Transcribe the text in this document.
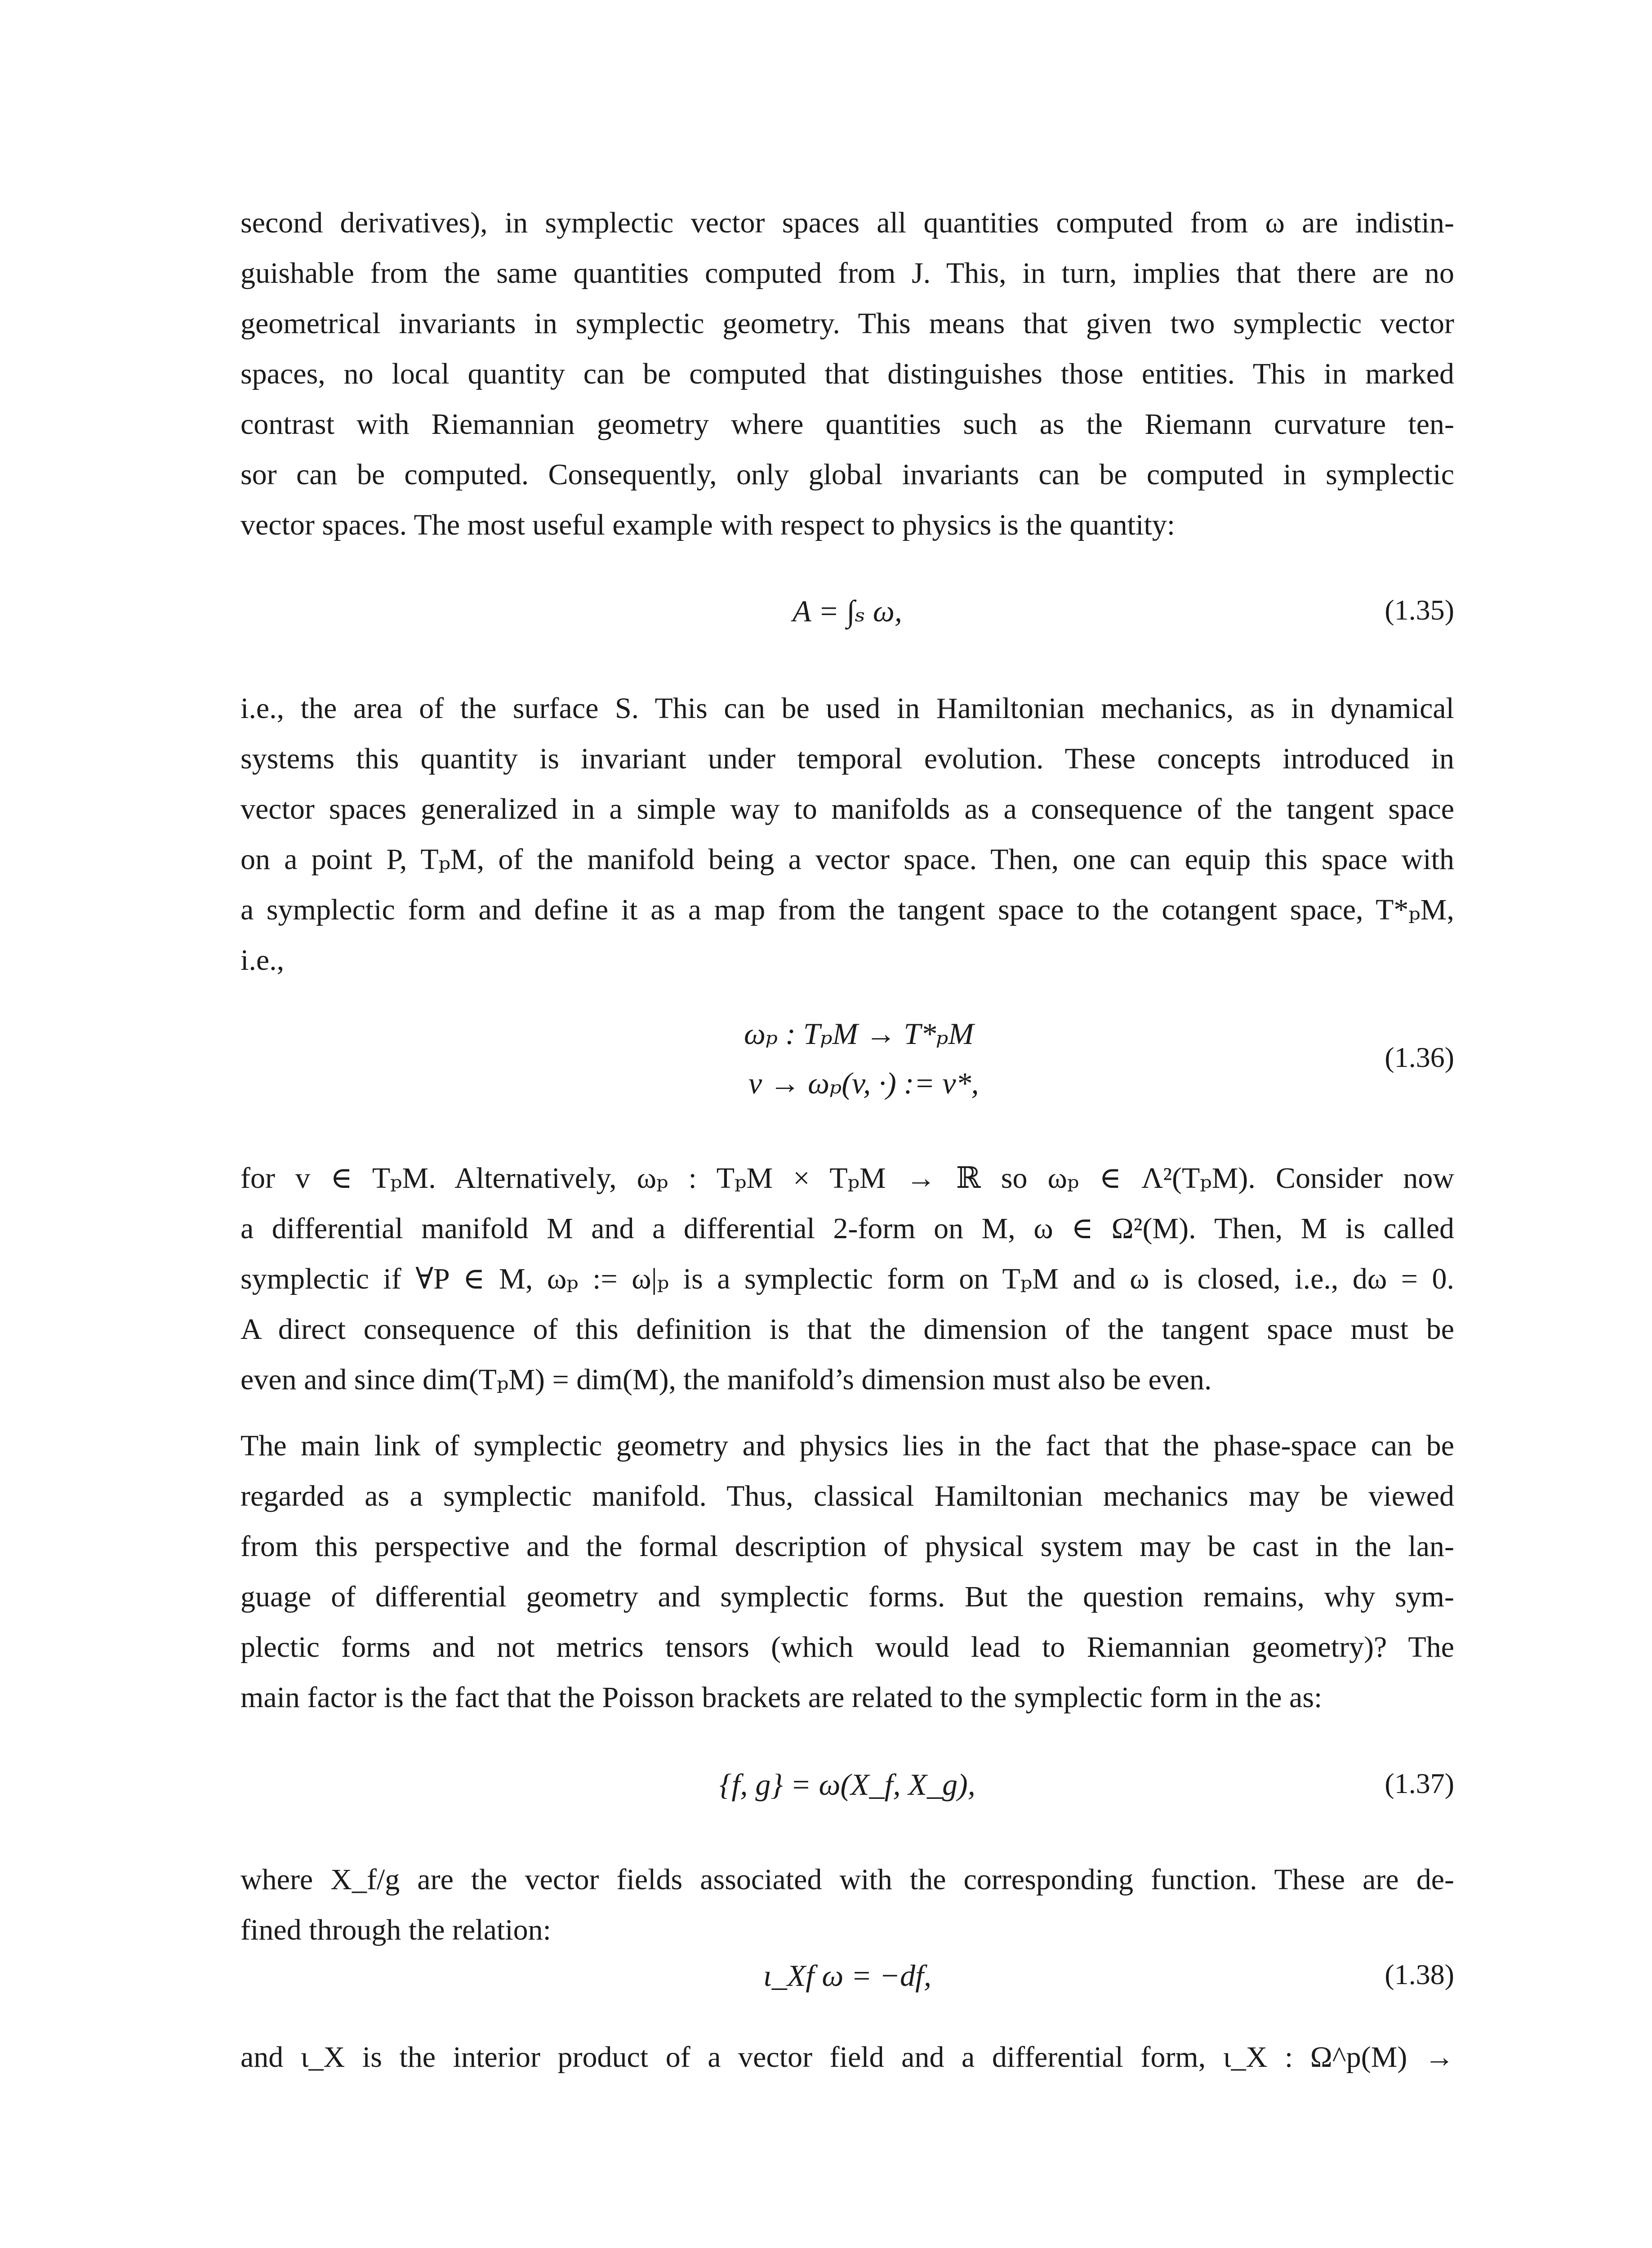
second derivatives), in symplectic vector spaces all quantities computed from ω are indistin-
guishable from the same quantities computed from J. This, in turn, implies that there are no
geometrical invariants in symplectic geometry. This means that given two symplectic vector
spaces, no local quantity can be computed that distinguishes those entities. This in marked
contrast with Riemannian geometry where quantities such as the Riemann curvature ten-
sor can be computed. Consequently, only global invariants can be computed in symplectic
vector spaces. The most useful example with respect to physics is the quantity:

A = ∫ₛ ω,	(1.35)

i.e., the area of the surface S. This can be used in Hamiltonian mechanics, as in dynamical
systems this quantity is invariant under temporal evolution. These concepts introduced in
vector spaces generalized in a simple way to manifolds as a consequence of the tangent space
on a point P, TₚM, of the manifold being a vector space. Then, one can equip this space with
a symplectic form and define it as a map from the tangent space to the cotangent space, T*ₚM,
i.e.,

ωₚ : TₚM → T*ₚM
v → ωₚ(v, ·) := v*,
(1.36)

for v ∈ TₚM. Alternatively, ωₚ : TₚM × TₚM → ℝ so ωₚ ∈ Λ²(TₚM). Consider now
a differential manifold M and a differential 2-form on M, ω ∈ Ω²(M). Then, M is called
symplectic if ∀P ∈ M, ωₚ := ω|ₚ is a symplectic form on TₚM and ω is closed, i.e., dω = 0.
A direct consequence of this definition is that the dimension of the tangent space must be
even and since dim(TₚM) = dim(M), the manifold’s dimension must also be even.

The main link of symplectic geometry and physics lies in the fact that the phase-space can be
regarded as a symplectic manifold. Thus, classical Hamiltonian mechanics may be viewed
from this perspective and the formal description of physical system may be cast in the lan-
guage of differential geometry and symplectic forms. But the question remains, why sym-
plectic forms and not metrics tensors (which would lead to Riemannian geometry)? The
main factor is the fact that the Poisson brackets are related to the symplectic form in the as:

{f, g} = ω(X_f, X_g),	(1.37)

where X_f/g are the vector fields associated with the corresponding function. These are de-
fined through the relation:

ι_Xf ω = −df,	(1.38)

and ι_X is the interior product of a vector field and a differential form, ι_X : Ω^p(M) →
